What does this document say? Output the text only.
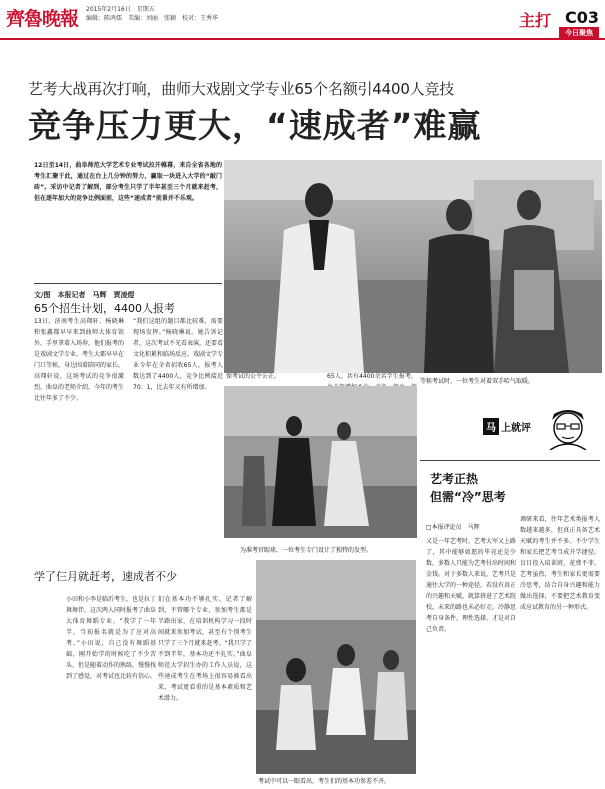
齊魯晚報 2015年2月16日　星期五
编辑：陈鸿儒　美编：刘丽　张颖　校对：王秀华	主打 C03
今日聚焦
艺考大战再次打响，曲师大戏剧文学专业65个名额引4400人竞技
竞争压力更大，“速成者”难赢
12日至14日，曲阜师范大学艺术专业考试拉开帷幕，来自全省各地的考生汇聚于此，通过在台上几分钟的努力，赢取一块进入大学的“敲门砖”。采访中记者了解到，部分考生只学了半年甚至三个月就来赶考，但在逐年加大的竞争比例面前，这些“速成者”前景并不乐观。
文/图　本报记者　马辉　贾凌煜
65个招生计划，4400人报考
13日，济南考生高翔轩、杨晓琳和张鑫都早早来到曲师大体育馆外，手里拿着入场券，他们报考的是戏剧文学专业。考生大都早早在门口等候，身边围着陪同的家长。高翔轩说，这场考试的竞争很激烈，曲阜的老师介绍，今年的考生比往年多了不少。
“我们这组的题目都比较难，需要现场发挥。”杨晓琳说。她告诉记者，这次考试不光看表演，还要看文化积累和临场反应。戏剧文学专业今年在全省招收65人，报考人数达到了4400人，竞争比例接近70：1，比去年又有所增加。
保考试的公平公正。	65人，共有4400余名学生报考，
学了仨月就赶考，速成者不少
小田和小李是临沂考生，也是拉丁舞舞伴，这次两人同时报考了曲阜大体育舞蹈专业。“我学了一年半，当初报名就是为了应对高考。”小田说，自己没有舞蹈基础，刚开始学的时候吃了不少苦头，但是随着动作的熟练，慢慢找到了感觉，对考试也比较有信心。
们在基本功不够扎实。记者了解到，不管哪个专业，参加考生都是半路出家，在培训机构学习一段时间就来参加考试，甚至有个别考生只学了三个月就来赶考。“我只学了不到半年，基本功还不扎实。”曲阜师范大学招生办的工作人员说，这些速成考生在考场上很容易被看出来，考试更看重的是基本素质和艺术潜力。
等候考试时，一位考生对着双手哈气取暖。
为准考官眼球，一位考生专门设计了独特的发型。
考试中可以一眼看出，考生们的基本功参差不齐。
马 上就评
艺考正热
但需“冷”思考
□本报评论员　马辉
又是一年艺考时。艺考大军又上路了，其中能够如愿的毕竟还是少数，多数人只能为艺考付出时间和金钱。对于多数人来说，艺考只是通往大学的一种途径，若没有真正的兴趣和天赋，就算挤进了艺术院校，未来的路也未必好走。冷静思考自身条件，理性选择，才是对自己负责。
调研来看，往年艺术类报考人数越来越多，但真正具备艺术天赋的考生并不多。不少学生和家长把艺考当成升学捷径，盲目投入培训班，花费不菲。艺考虽热，考生和家长更需要冷思考，结合自身兴趣和能力做出选择，不要把艺术教育变成应试教育的另一种形式。
